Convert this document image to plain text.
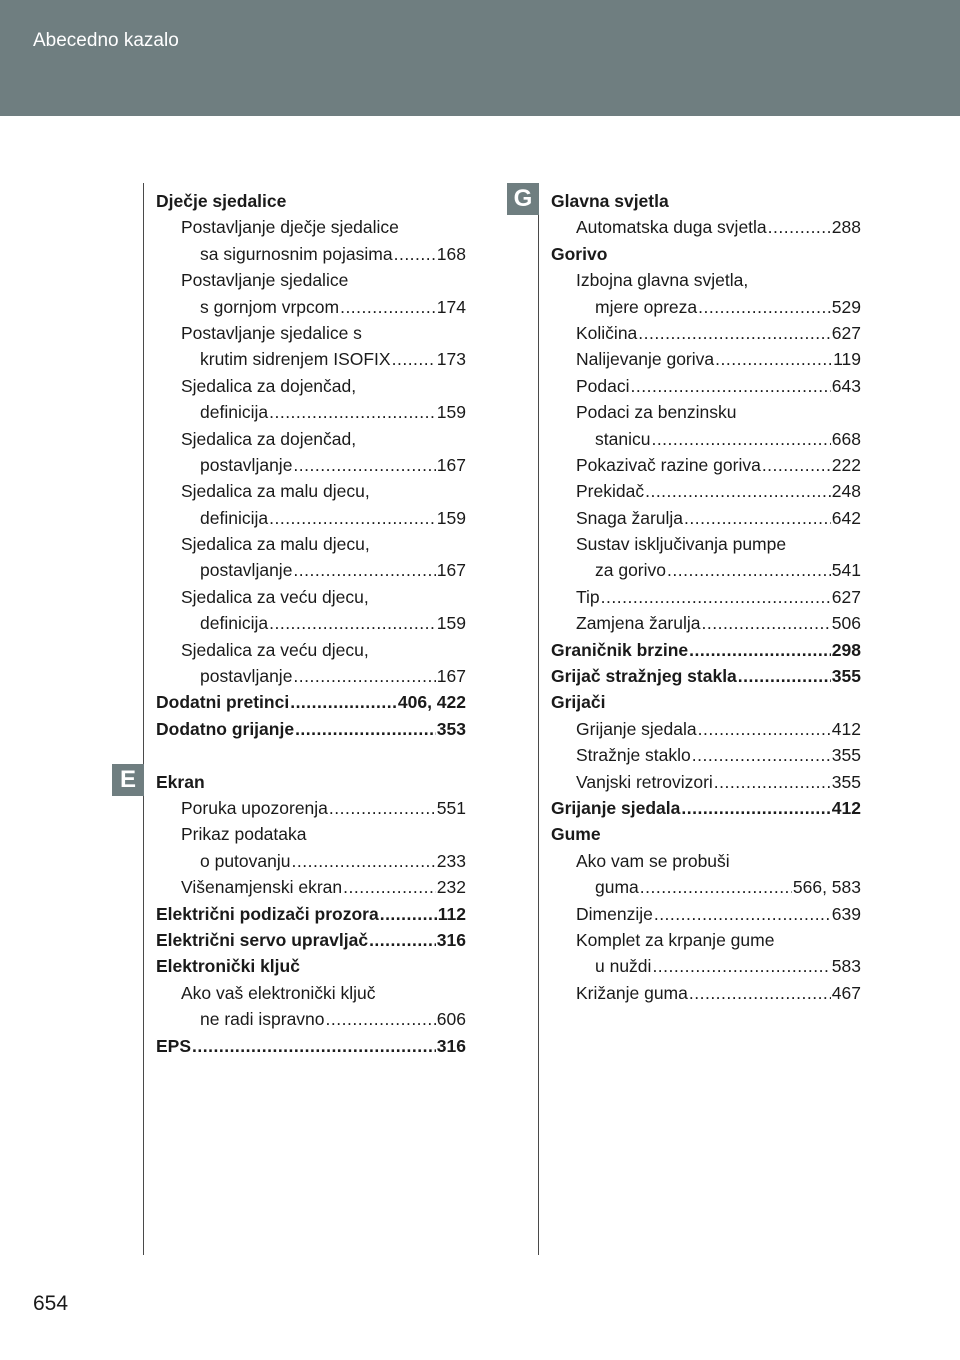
Abecedno kazalo
G
E
Dječje sjedalice
Postavljanje dječje sjedalice
sa sigurnosnim pojasima .....	168
Postavljanje sjedalice
s gornjom vrpcom .....	174
Postavljanje sjedalice s
krutim sidrenjem ISOFIX .....	173
Sjedalica za dojenčad,
definicija .....	159
Sjedalica za dojenčad,
postavljanje .....	167
Sjedalica za malu djecu,
definicija .....	159
Sjedalica za malu djecu,
postavljanje .....	167
Sjedalica za veću djecu,
definicija .....	159
Sjedalica za veću djecu,
postavljanje .....	167
Dodatni pretinci .....	406, 422
Dodatno grijanje .....	353
Ekran
Poruka upozorenja .....	551
Prikaz podataka
o putovanju .....	233
Višenamjenski ekran .....	232
Električni podizači prozora .....	112
Električni servo upravljač .....	316
Elektronički ključ
Ako vaš elektronički ključ
ne radi ispravno .....	606
EPS .....	316
Glavna svjetla
Automatska duga svjetla .....	288
Gorivo
Izbojna glavna svjetla,
mjere opreza .....	529
Količina .....	627
Nalijevanje goriva .....	119
Podaci .....	643
Podaci za benzinsku
stanicu .....	668
Pokazivač razine goriva .....	222
Prekidač .....	248
Snaga žarulja .....	642
Sustav isključivanja pumpe
za gorivo .....	541
Tip .....	627
Zamjena žarulja .....	506
Graničnik brzine .....	298
Grijač stražnjeg stakla .....	355
Grijači
Grijanje sjedala .....	412
Stražnje staklo .....	355
Vanjski retrovizori .....	355
Grijanje sjedala .....	412
Gume
Ako vam se probuši
guma .....	566, 583
Dimenzije .....	639
Komplet za krpanje gume
u nuždi .....	583
Križanje guma .....	467
654
